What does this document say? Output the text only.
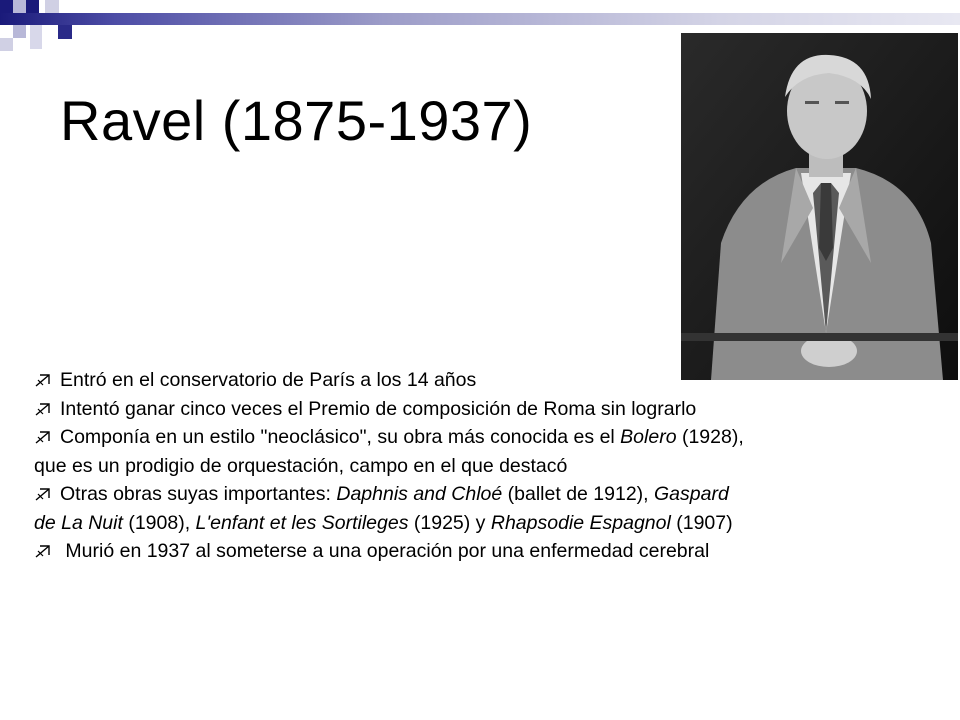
Ravel (1875-1937)
Entró en el conservatorio de París a los 14 años
Intentó ganar cinco veces el Premio de composición de Roma sin lograrlo
Componía en un estilo "neoclásico", su obra más conocida es el Bolero (1928), que es un prodigio de orquestación, campo en el que destacó
Otras obras suyas importantes: Daphnis and Chloé (ballet de 1912), Gaspard de La Nuit (1908), L'enfant et les Sortileges (1925) y Rhapsodie Espagnol (1907)
Murió en 1937 al someterse a una operación por una enfermedad cerebral
